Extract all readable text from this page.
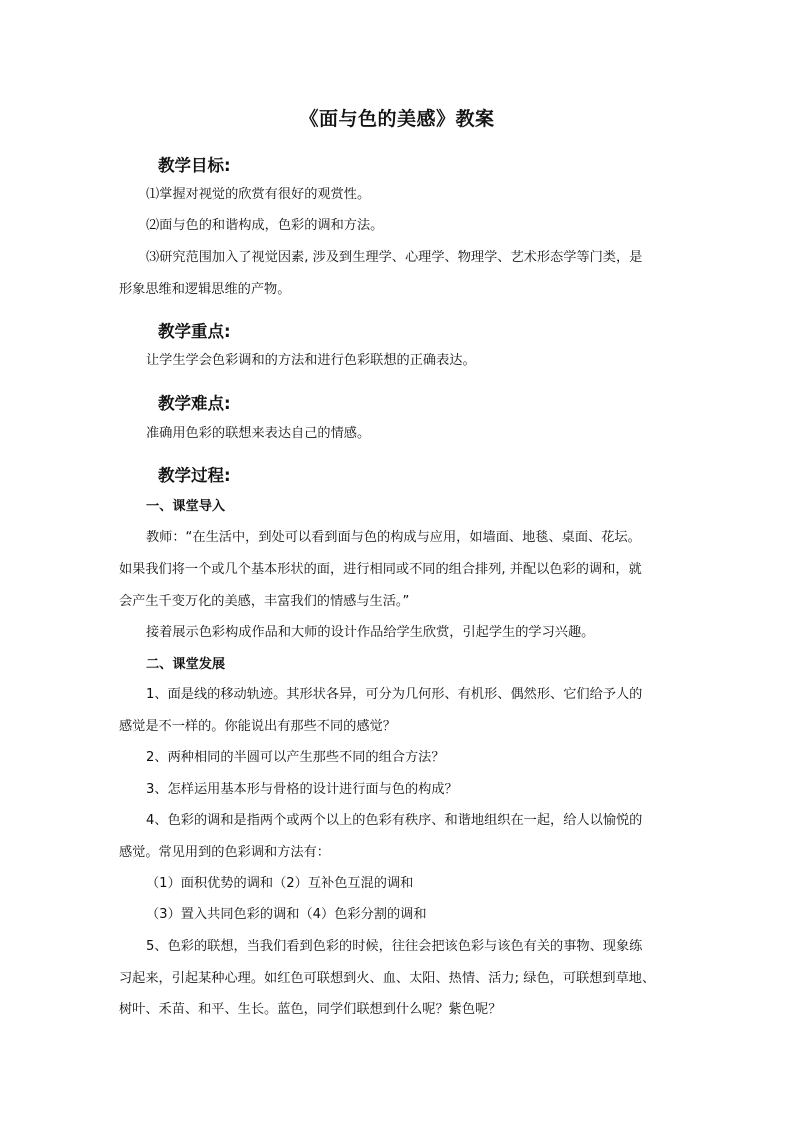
《面与色的美感》教案
教学目标:
⑴掌握对视觉的欣赏有很好的观赏性。
⑵面与色的和谐构成，色彩的调和方法。
⑶研究范围加入了视觉因素, 涉及到生理学、心理学、物理学、艺术形态学等门类，是
形象思维和逻辑思维的产物。
教学重点:
让学生学会色彩调和的方法和进行色彩联想的正确表达。
教学难点:
准确用色彩的联想来表达自己的情感。
教学过程:
一、课堂导入
教师：“在生活中，到处可以看到面与色的构成与应用，如墙面、地毯、桌面、花坛。
如果我们将一个或几个基本形状的面，进行相同或不同的组合排列, 并配以色彩的调和，就
会产生千变万化的美感，丰富我们的情感与生活。”
接着展示色彩构成作品和大师的设计作品给学生欣赏，引起学生的学习兴趣。
二、课堂发展
1、面是线的移动轨迹。其形状各异，可分为几何形、有机形、偶然形、它们给予人的
感觉是不一样的。你能说出有那些不同的感觉？
2、两种相同的半圆可以产生那些不同的组合方法？
3、怎样运用基本形与骨格的设计进行面与色的构成？
4、色彩的调和是指两个或两个以上的色彩有秩序、和谐地组织在一起，给人以愉悦的
感觉。常见用到的色彩调和方法有：
（1）面积优势的调和（2）互补色互混的调和
（3）置入共同色彩的调和（4）色彩分割的调和
5、色彩的联想，当我们看到色彩的时候，往往会把该色彩与该色有关的事物、现象练
习起来，引起某种心理。如红色可联想到火、血、太阳、热情、活力; 绿色，可联想到草地、
树叶、禾苗、和平、生长。蓝色，同学们联想到什么呢？紫色呢？
